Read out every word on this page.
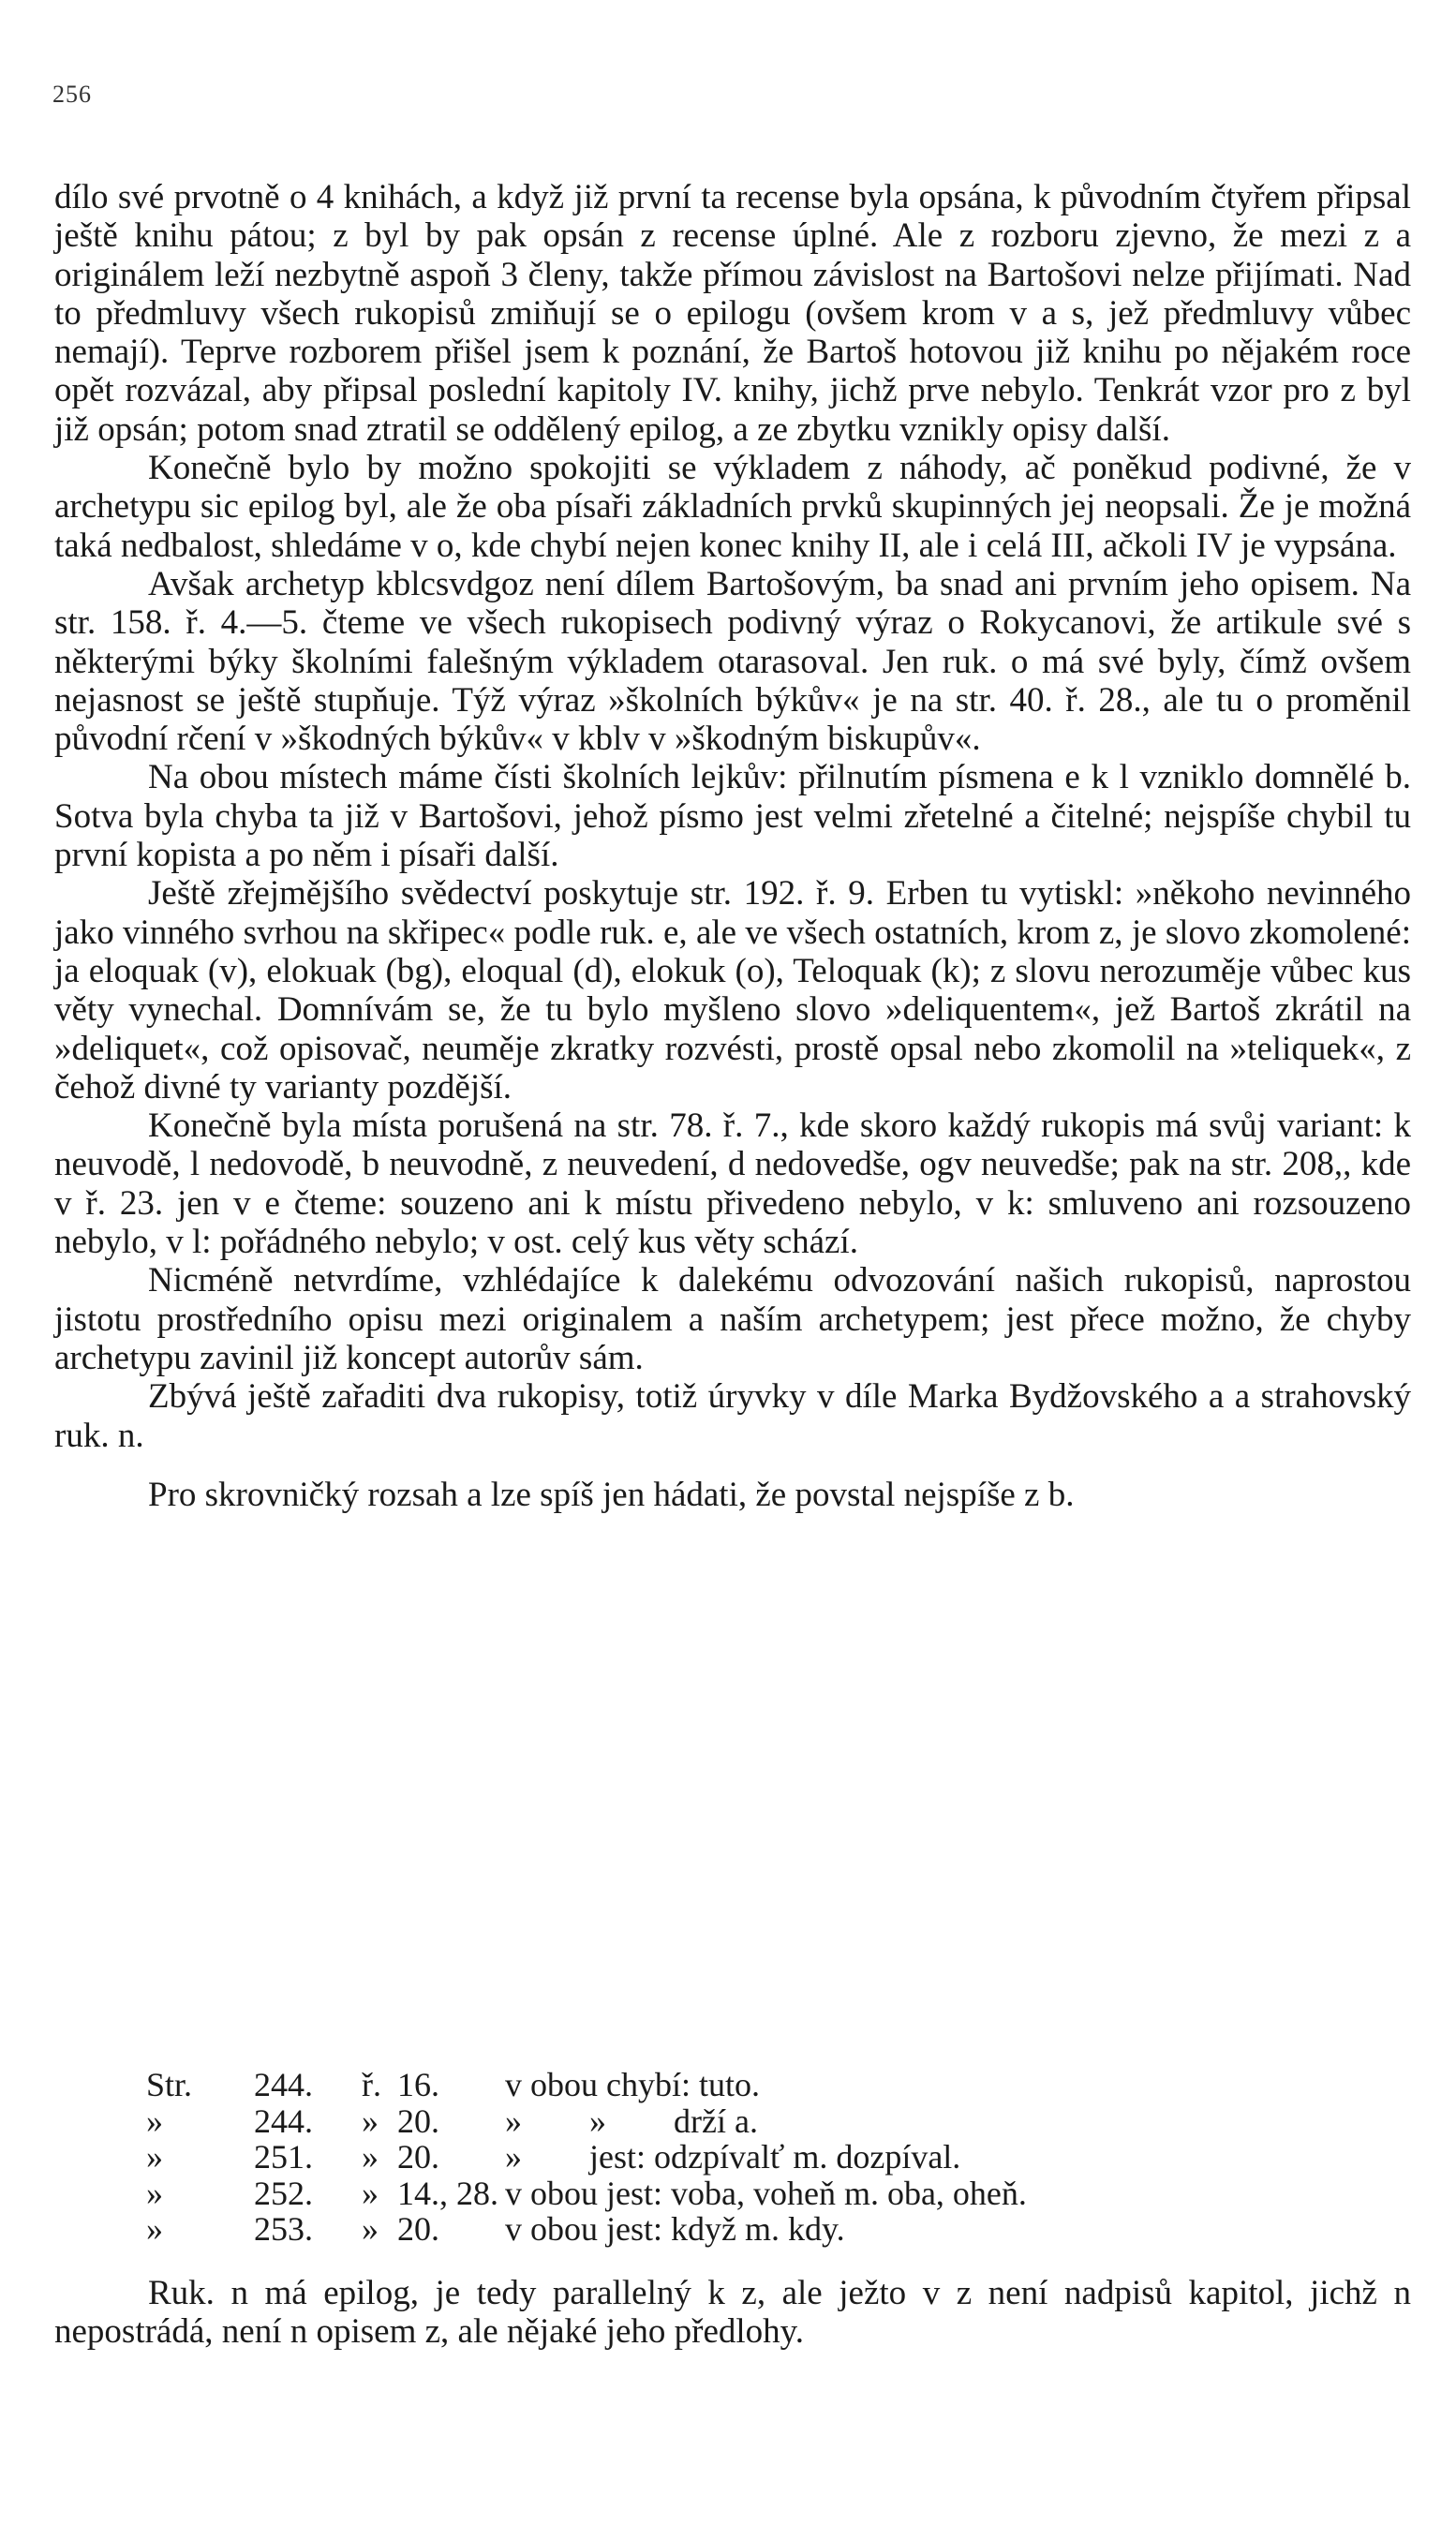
256

dílo své prvotně o 4 knihách, a když již první ta recense byla opsána, k původním čtyřem připsal ještě knihu pátou; z byl by pak opsán z recense úplné. Ale z rozboru zjevno, že mezi z a originálem leží nezbytně aspoň 3 členy, takže přímou závislost na Bartošovi nelze přijímati. Nad to předmluvy všech rukopisů zmiňují se o epilogu (ovšem krom v a s, jež předmluvy vůbec nemají). Teprve rozborem přišel jsem k poznání, že Bartoš hotovou již knihu po nějakém roce opět rozvázal, aby připsal poslední kapitoly IV. knihy, jichž prve nebylo. Tenkrát vzor pro z byl již opsán; potom snad ztratil se oddělený epilog, a ze zbytku vznikly opisy další.

Konečně bylo by možno spokojiti se výkladem z náhody, ač poněkud podivné, že v archetypu sic epilog byl, ale že oba písaři základních prvků skupinných jej neopsali. Že je možná taká nedbalost, shledáme v o, kde chybí nejen konec knihy II, ale i celá III, ačkoli IV je vypsána.

Avšak archetyp kblcsvdgoz není dílem Bartošovým, ba snad ani prvním jeho opisem. Na str. 158. ř. 4.—5. čteme ve všech rukopisech podivný výraz o Rokycanovi, že artikule své s některými býky školními falešným výkladem otarasoval. Jen ruk. o má své byly, čímž ovšem nejasnost se ještě stupňuje. Týž výraz »školních býkův« je na str. 40. ř. 28., ale tu o proměnil původní rčení v »škodných býkův« v kblv v »škodným biskupův«.

Na obou místech máme čísti školních lejkův: přilnutím písmena e k l vzniklo domnělé b. Sotva byla chyba ta již v Bartošovi, jehož písmo jest velmi zřetelné a čitelné; nejspíše chybil tu první kopista a po něm i písaři další.

Ještě zřejmějšího svědectví poskytuje str. 192. ř. 9. Erben tu vytiskl: »někoho nevinného jako vinného svrhou na skřipec« podle ruk. e, ale ve všech ostatních, krom z, je slovo zkomolené: ja eloquak (v), elokuak (bg), eloqual (d), elokuk (o), Teloquak (k); z slovu nerozuměje vůbec kus věty vynechal. Domnívám se, že tu bylo myšleno slovo »deliquentem«, jež Bartoš zkrátil na »deliquet«, což opisovač, neuměje zkratky rozvésti, prostě opsal nebo zkomolil na »teliquek«, z čehož divné ty varianty pozdější.

Konečně byla místa porušená na str. 78. ř. 7., kde skoro každý rukopis má svůj variant: k neuvodě, l nedovodě, b neuvodně, z neuvedení, d nedovedše, ogv neuvedše; pak na str. 208,, kde v ř. 23. jen v e čteme: souzeno ani k místu přivedeno nebylo, v k: smluveno ani rozsouzeno nebylo, v l: pořádného nebylo; v ost. celý kus věty schází.

Nicméně netvrdíme, vzhlédajíce k dalekému odvozování našich rukopisů, naprostou jistotu prostředního opisu mezi originalem a naším archetypem; jest přece možno, že chyby archetypu zavinil již koncept autorův sám.

Zbývá ještě zařaditi dva rukopisy, totiž úryvky v díle Marka Bydžovského a a strahovský ruk. n.

Pro skrovničký rozsah a lze spíš jen hádati, že povstal nejspíše z b.

Str.	244.	ř. 16.	v obou chybí: tuto.
»	244.	» 20.	»        »        drží a.
»	251.	» 20.	»        jest: odzpívalť m. dozpíval.
»	252.	» 14., 28. v obou jest: voba, voheň m. oba, oheň.
»	253.	» 20.	v obou jest: když m. kdy.

Ruk. n má epilog, je tedy parallelný k z, ale ježto v z není nadpisů kapitol, jichž n nepostrádá, není n opisem z, ale nějaké jeho předlohy.
